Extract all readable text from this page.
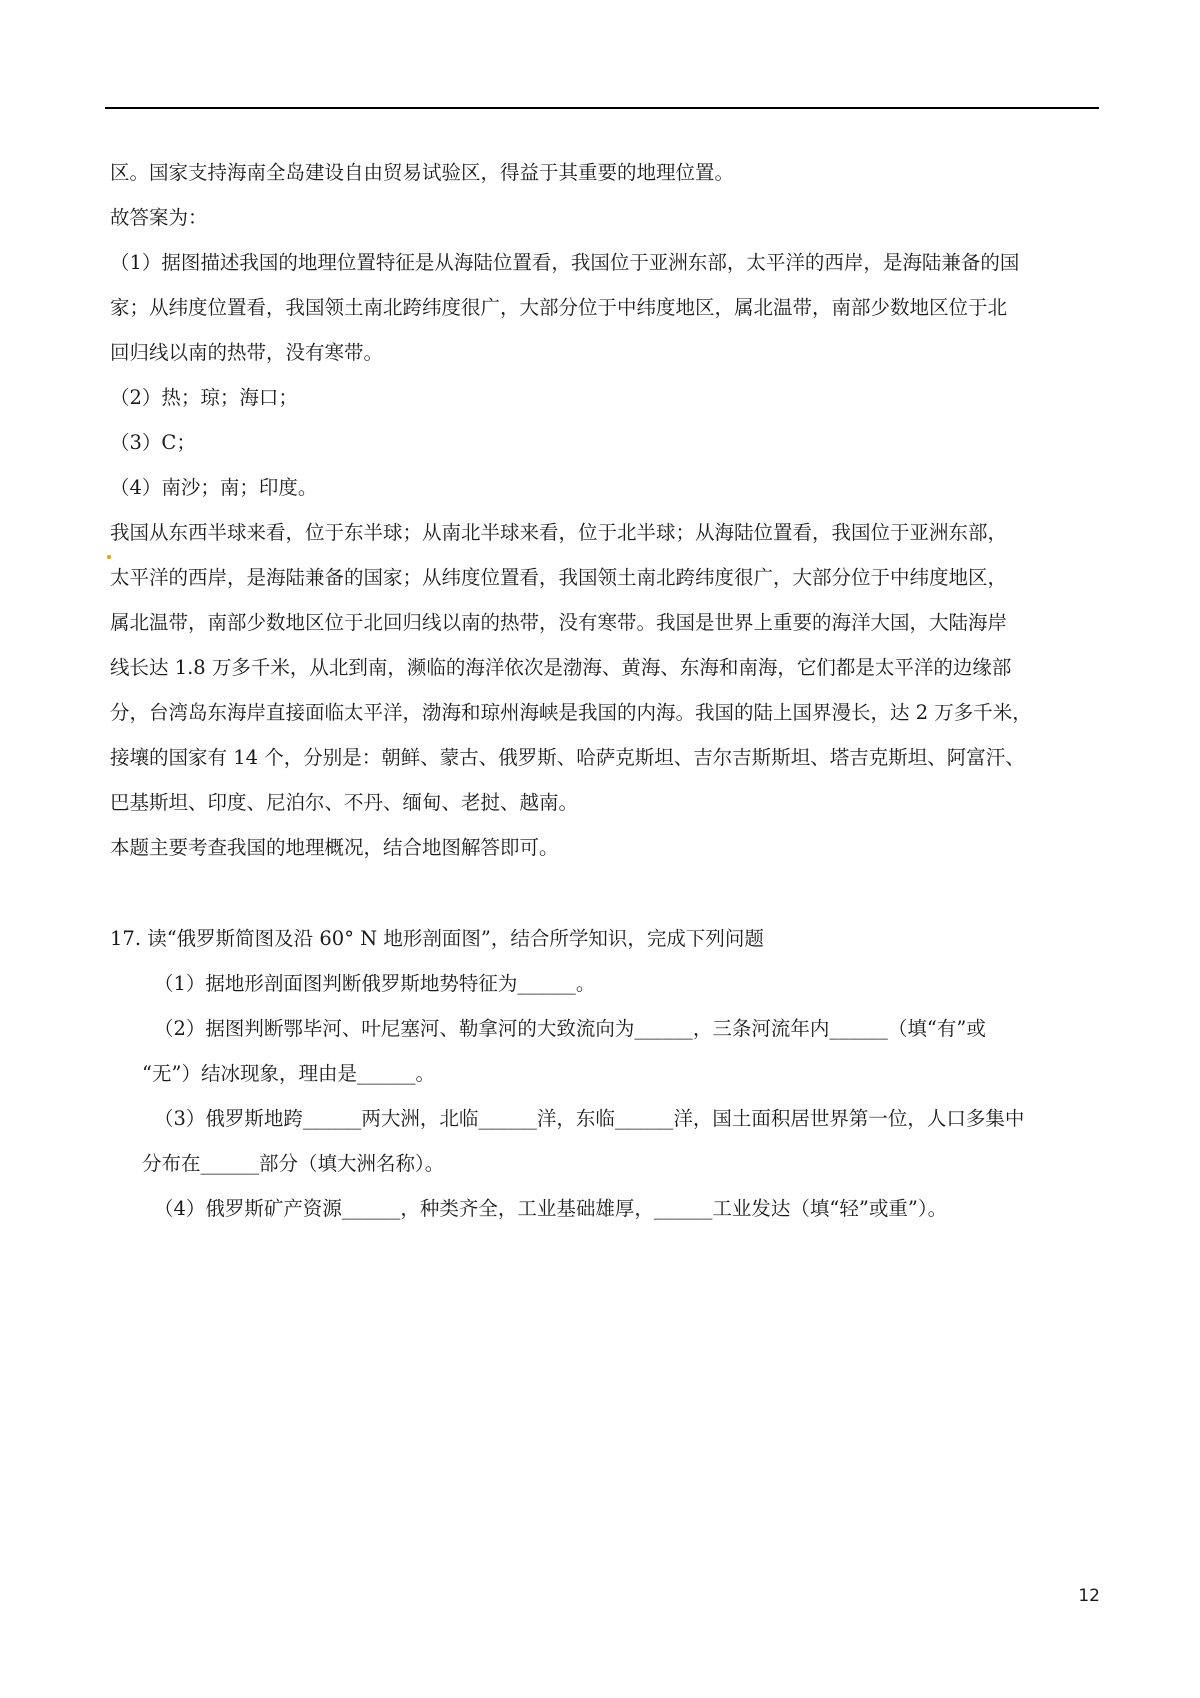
区。国家支持海南全岛建设自由贸易试验区，得益于其重要的地理位置。
故答案为：
（1）据图描述我国的地理位置特征是从海陆位置看，我国位于亚洲东部，太平洋的西岸，是海陆兼备的国
家；从纬度位置看，我国领土南北跨纬度很广，大部分位于中纬度地区，属北温带，南部少数地区位于北
回归线以南的热带，没有寒带。
（2）热；琼；海口；
（3）C；
（4）南沙；南；印度。
我国从东西半球来看，位于东半球；从南北半球来看，位于北半球；从海陆位置看，我国位于亚洲东部，
太平洋的西岸，是海陆兼备的国家；从纬度位置看，我国领土南北跨纬度很广，大部分位于中纬度地区，
属北温带，南部少数地区位于北回归线以南的热带，没有寒带。我国是世界上重要的海洋大国，大陆海岸
线长达 1.8 万多千米，从北到南，濒临的海洋依次是渤海、黄海、东海和南海，它们都是太平洋的边缘部
分，台湾岛东海岸直接面临太平洋，渤海和琼州海峡是我国的内海。我国的陆上国界漫长，达 2 万多千米，
接壤的国家有 14 个，分别是：朝鲜、蒙古、俄罗斯、哈萨克斯坦、吉尔吉斯斯坦、塔吉克斯坦、阿富汗、
巴基斯坦、印度、尼泊尔、不丹、缅甸、老挝、越南。
本题主要考查我国的地理概况，结合地图解答即可。
17. 读“俄罗斯简图及沿 60° N 地形剖面图”，结合所学知识，完成下列问题
（1）据地形剖面图判断俄罗斯地势特征为______。
（2）据图判断鄂毕河、叶尼塞河、勒拿河的大致流向为______，三条河流年内______（填“有”或
“无”）结冰现象，理由是______。
（3）俄罗斯地跨______两大洲，北临______洋，东临______洋，国土面积居世界第一位，人口多集中
分布在______部分（填大洲名称）。
（4）俄罗斯矿产资源______，种类齐全，工业基础雄厚，______工业发达（填“轻”或重”）。
12
